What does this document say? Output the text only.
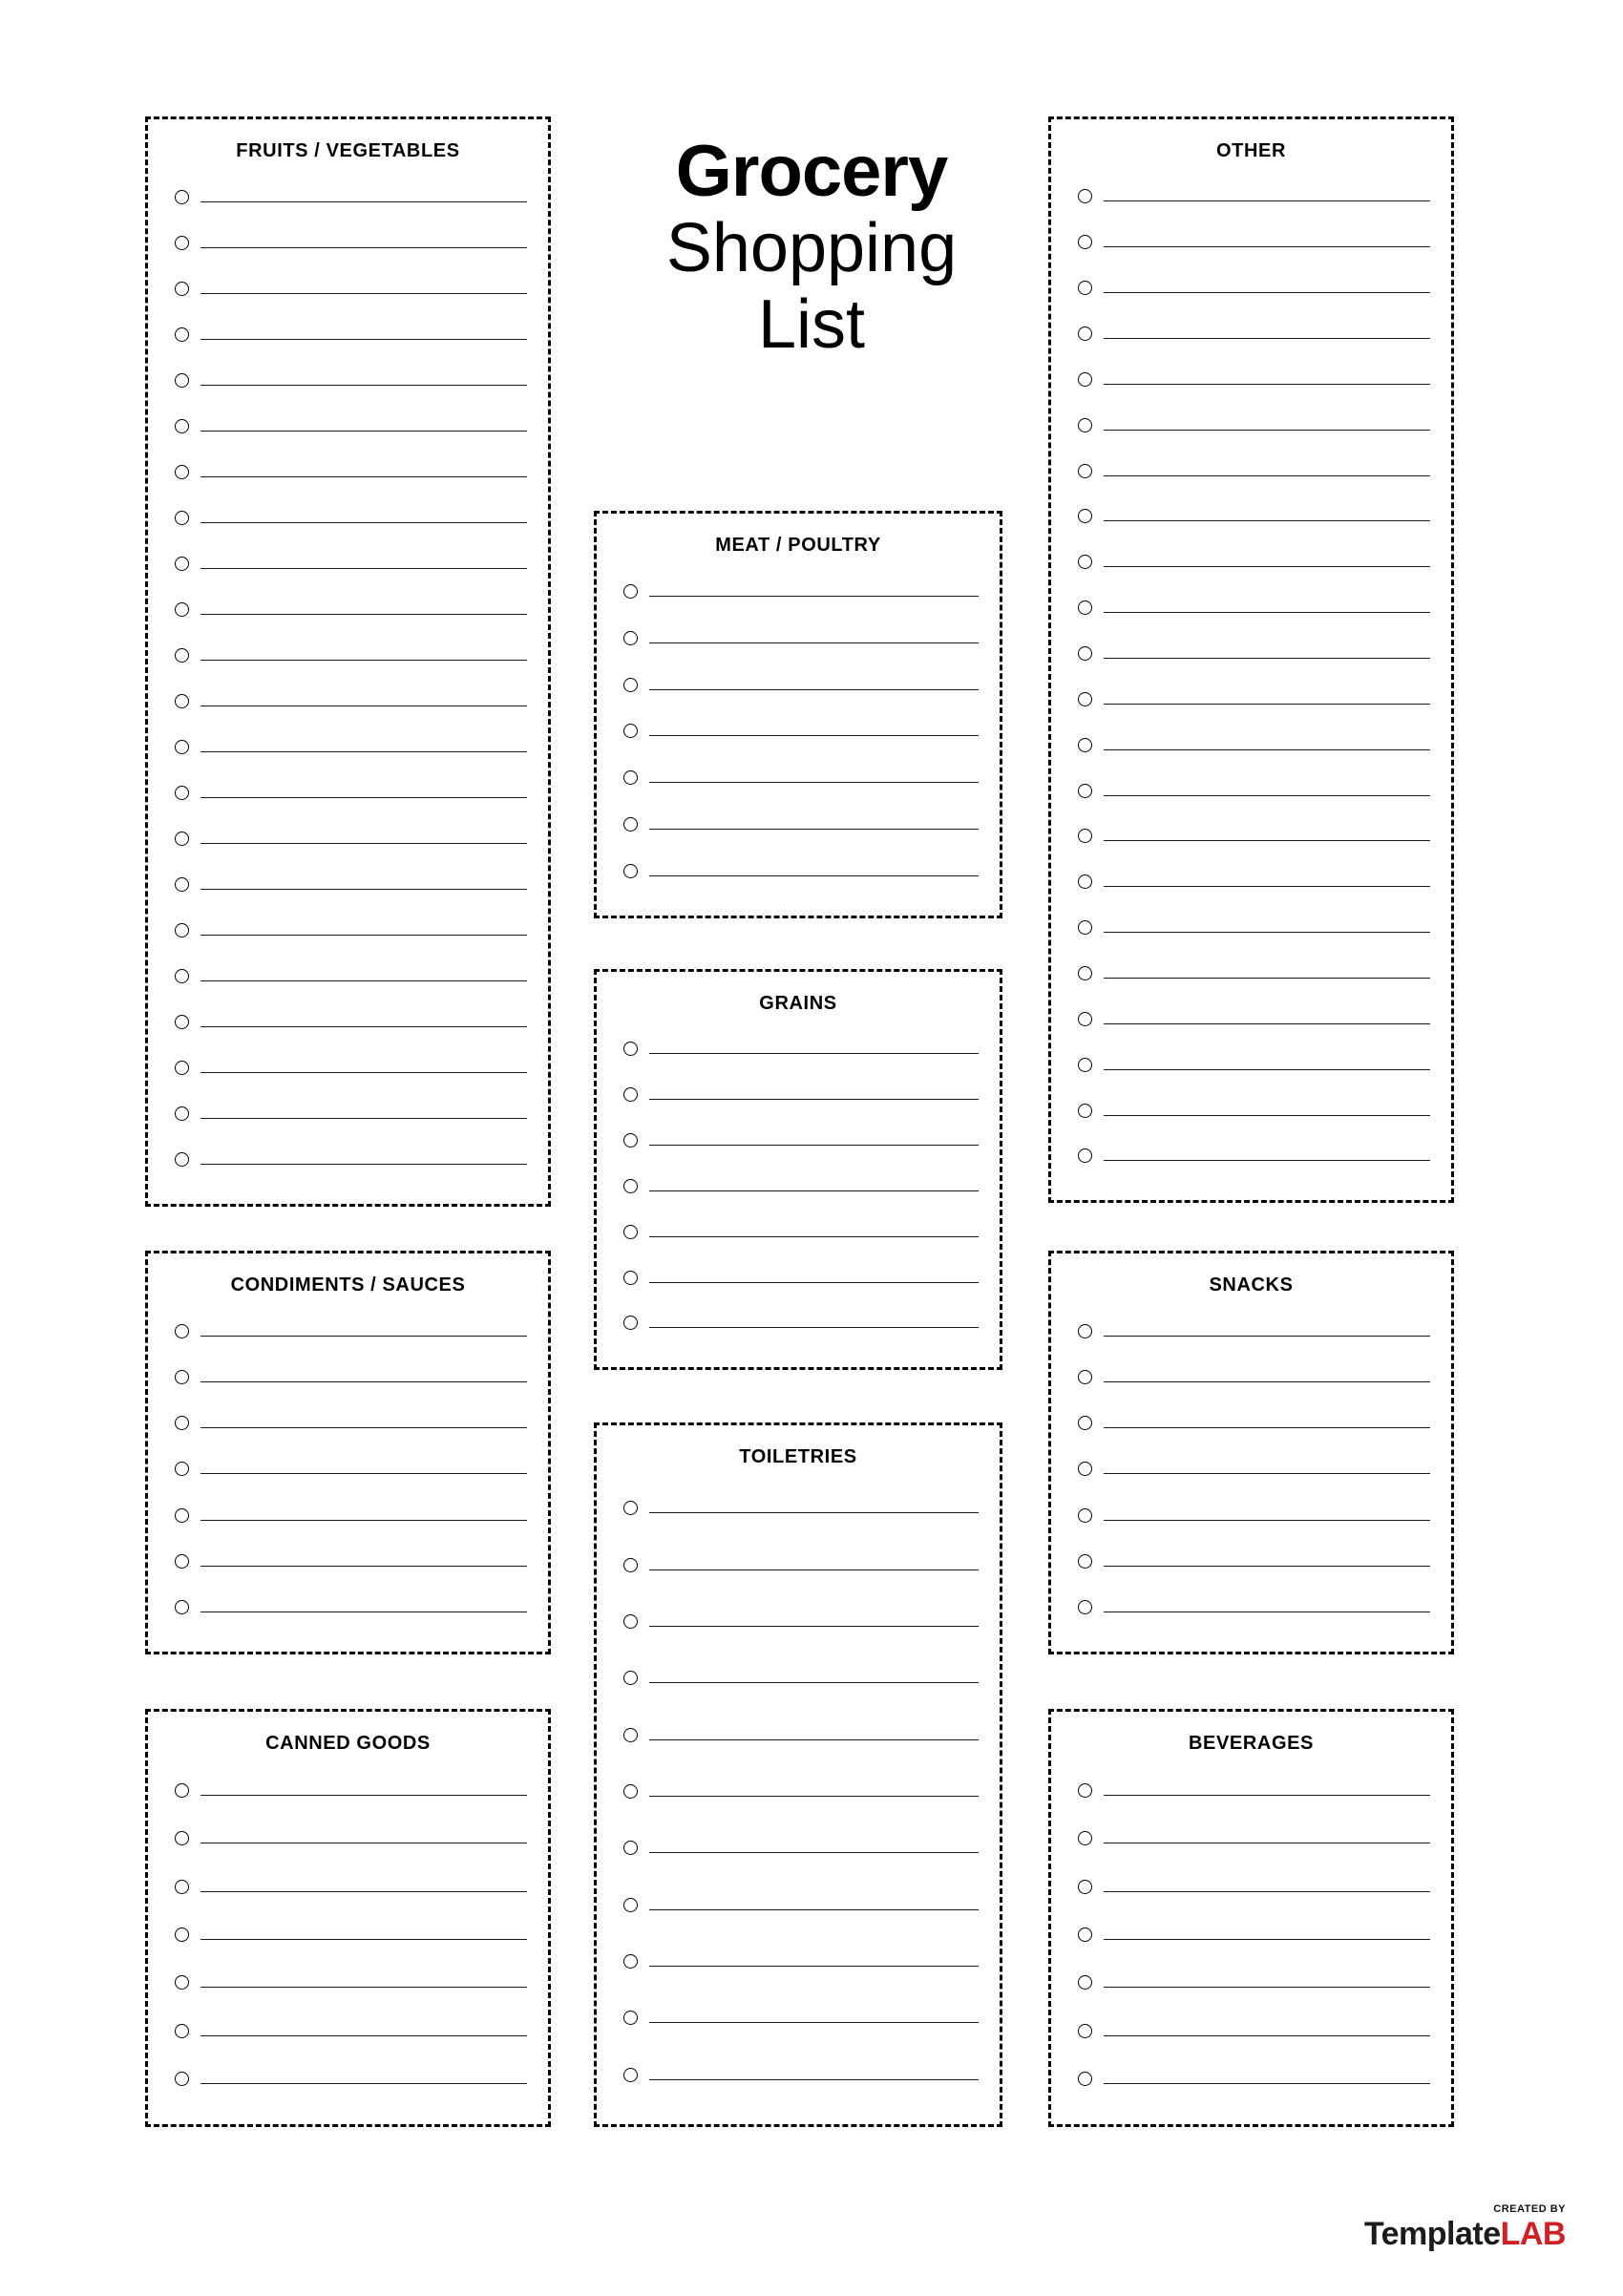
Grocery
Shopping
List
FRUITS / VEGETABLES
CONDIMENTS / SAUCES
CANNED GOODS
MEAT / POULTRY
GRAINS
TOILETRIES
OTHER
SNACKS
BEVERAGES
CREATED BY
TemplateLAB
